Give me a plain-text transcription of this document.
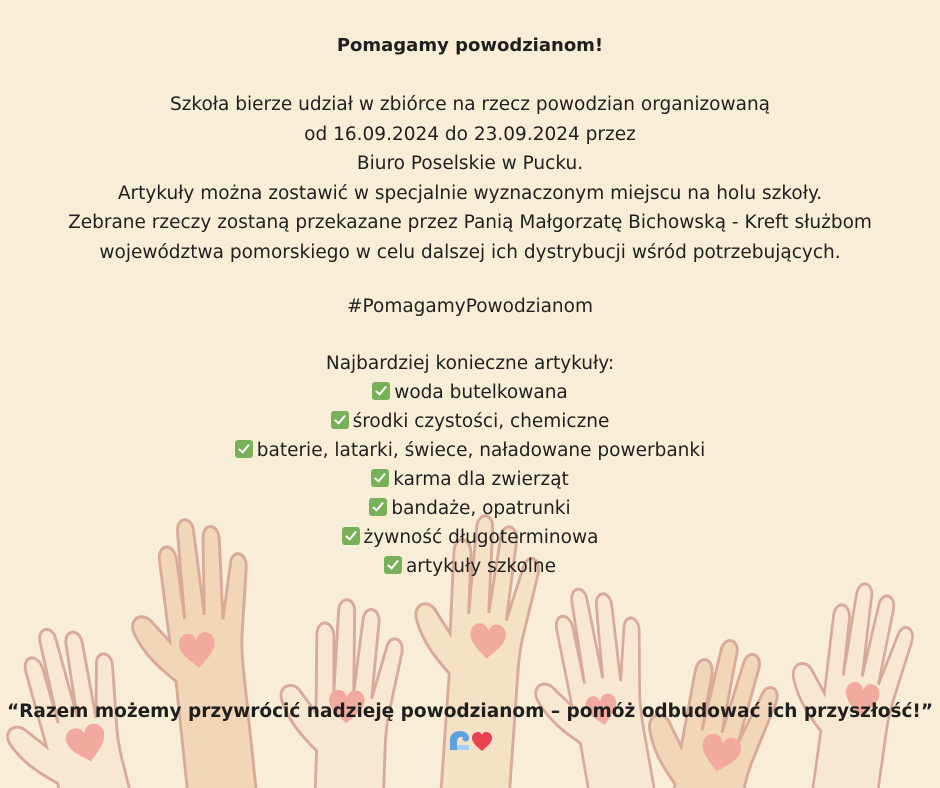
Pomagamy powodzianom!
Szkoła bierze udział w zbiórce na rzecz powodzian organizowaną
od 16.09.2024 do 23.09.2024 przez
Biuro Poselskie w Pucku.
Artykuły można zostawić w specjalnie wyznaczonym miejscu na holu szkoły.
Zebrane rzeczy zostaną przekazane przez Panią Małgorzatę Bichowską - Kreft służbom
województwa pomorskiego w celu dalszej ich dystrybucji wśród potrzebujących.
#PomagamyPowodzianom
Najbardziej konieczne artykuły:
woda butelkowana
środki czystości, chemiczne
baterie, latarki, świece, naładowane powerbanki
karma dla zwierząt
bandaże, opatrunki
żywność długoterminowa
artykuły szkolne
“Razem możemy przywrócić nadzieję powodzianom – pomóż odbudować ich przyszłość!”
